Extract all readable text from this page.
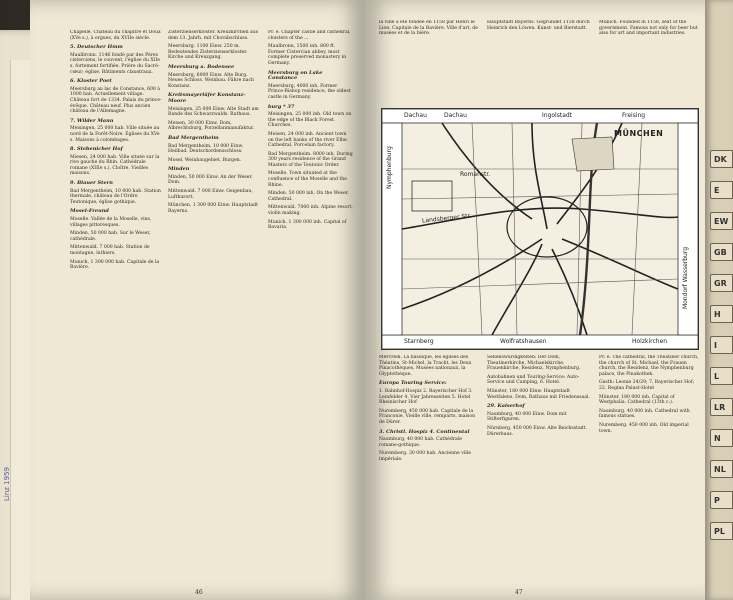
Linz 1959

Chapelle, Château du chapitre et Doux (XVe s.), à orgues, du XVIIe siècle.

5. Deutscher Hmm

Maulbronn. 1146 fondé par des Pères cisterciens, le couvent, l'église du XIIe s. fortement fortifiée. Prière du Sacré-cœur; église. Bâtiments claustraux.

6. Kloster Poet

Meersburg au lac de Constance, 600 à 1000 hab. Actuellement village. Château fort de 1334. Palais du prince-évêque. Château neuf. Plus ancien château de l'Allemagne.

7. Wilder Mann

Meisingen, 25 000 hab. Ville située au nord de la Forêt-Noire. Églises du XVe s. Maisons à colombages.

8. Stebenicher Hof

Miesen, 24 000 hab. Ville située sur la rive gauche du Rhin. Cathédrale romane (XIIIe s.). Cloître. Vieilles maisons.

9. Blauer Stern

Bad Mergentheim, 10 000 hab. Station thermale, château de l'Ordre Teutonique, église gothique.

Mosel-Freund

Moselle. Vallée de la Moselle, vins, villages pittoresques.

Minden, 50 000 hab. Sur le Weser, cathédrale.

Mittenwald. 7 000 hab. Station de montagne, luthiers.

Munich, 1 300 000 hab. Capitale de la Bavière.

Zisterzienserkloster. Kreuzkirchen aus dem 13. Jahrh. mit Chorabschluss.

Meersburg. 1100 Einw. 250 m. Bedeutendes Zisterzienserkloster. Kirche und Kreuzgang.

Meersburg a. Bodensee

Meersburg, 6000 Einw. Alte Burg. Neues Schloss. Weinbau. Fähre nach Konstanz.

Kreitsmayeriäfer Konstanz-Moore

Meisingen, 25 000 Einw. Alte Stadt am Rande des Schwarzwalds. Rathaus.

Meisen, 30 000 Einw. Dom, Albrechtsburg, Porzellanmanufaktur.

Bad Mergentheim

Bad Mergentheim, 10 000 Einw. Heilbad. Deutschordensschloss.

Mosel. Weinbaugebiet, Burgen.

Minden

Minden, 50 000 Einw. An der Weser. Dom.

Mittenwald. 7 000 Einw. Geigenbau, Luftkurort.

München, 1 300 000 Einw. Hauptstadt Bayerns.

Pr. e. Chapter castle and cathedral, cloisters of the ...

Maulbronn, 1500 inh. 800 ft. Former Cistercian abbey, most complete preserved monastery in Germany.

Meersburg on Lake Constance

Meersburg, 4000 inh. Former Prince-Bishop residence, the oldest castle in Germany.

burg * 37

Meisingen, 25 000 inh. Old town on the edge of the Black Forest. Churches.

Meisen, 24 000 inh. Ancient town on the left banks of the river Elbe. Cathedral. Porcelain factory.

Bad Mergentheim. 8000 inh. During 300 years residence of the Grand Masters of the Teutonic Order.

Moselle. Town situated at the confluence of the Moselle and the Rhine.

Minden. 50 000 inh. On the Weser. Cathedral.

Mittenwald. 7000 inh. Alpine resort, violin making.

Munich. 1 300 000 inh. Capital of Bavaria.

46

la ville a été fondée en 1158 par Henri le Lion. Capitale de la Bavière. Ville d'art, de musées et de la bière.

Hauptstadt Bayerns. Gegründet 1158 durch Heinrich den Löwen. Kunst- und Bierstadt.

Munich. Founded in 1158, seat of the government. Famous not only for beer but also for art and important industries.

Dachau	Dachau	Ingolstadt	Freising
MÜNCHEN
Starnberg	Wolfratshausen	Holzkirchen
Landsberger Str.
Nymphenburg	Romanstr.
Mondorf Wasserburg

Mercredi. La basilique, les églises des Théatins, St-Michel, la Tracht, les Deux Pinacothèques, Musées nationaux, la Glyptothèque.

Europa Touring Service:

1. Bahnhof-Hospiz 2. Bayerischer Hof 3. Leinfelder 4. Vier Jahreszeiten 5. Hotel Rheinischer Hof

Nuremberg, 450 000 hab. Capitale de la Franconie. Vieille ville, remparts, maison de Dürer.

3. Christl. Hospiz 4. Continental

Naumburg, 40 000 hab. Cathédrale romane-gothique.

Nuremberg. 30 000 hab. Ancienne ville impériale.

Sehenswürdigkeiten: Der Dom, Theatinerkirche, Michaelskirche, Frauenkirche, Residenz, Nymphenburg.

Autobahnen und Touring-Service: Auto-Service und Camping, 6. Hotel.

Münster, 180 000 Einw. Hauptstadt Westfalens. Dom, Rathaus mit Friedenssaal.

29. Kaiserhof

Naumburg, 40 000 Einw. Dom mit Stifterfiguren.

Nürnberg, 450 000 Einw. Alte Reichsstadt. Dürerhaus.

Pr. e. The cathedral, the Theatiner church, the church of St. Michael, the Frauen church, the Residenz, the Nymphenburg palace, the Pinakothek.

Gasth: Leonie 24/29; 7. Bayerischer Hof; 22. Regina Palast-Hotel

Münster. 180 000 inh. Capital of Westphalia. Cathedral (13th c.).

Naumburg. 40 000 inh. Cathedral with famous statues.

Nuremberg. 450 000 inh. Old imperial town.

47
DK
E
EW
GB
GR
H
I
L
LR
N
NL
P
PL
